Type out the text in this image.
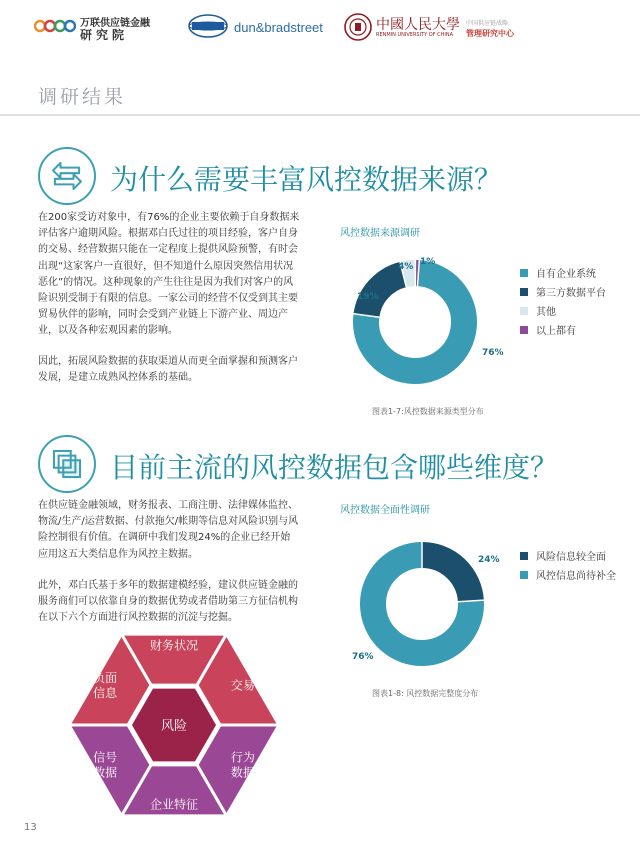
万联供应链金融
研究院	dun&bradstreet	中國人民大學
RENMIN UNIVERSITY OF CHINA
中国供应链战略
管理研究中心
调研结果
为什么需要丰富风控数据来源？
在200家受访对象中，有76%的企业主要依赖于自身数据来评估客户逾期风险。根据邓白氏过往的项目经验，客户自身的交易、经营数据只能在一定程度上提供风险预警，有时会出现“这家客户一直很好，但不知道什么原因突然信用状况恶化”的情况。这种现象的产生往往是因为我们对客户的风险识别受制于有限的信息。一家公司的经营不仅受到其主要贸易伙伴的影响，同时会受到产业链上下游产业、周边产业，以及各种宏观因素的影响。
因此，拓展风险数据的获取渠道从而更全面掌握和预测客户发展，是建立成熟风控体系的基础。
风控数据来源调研
76%
19%
4% 1%
自有企业系统
第三方数据平台
其他
以上都有
图表1-7:风控数据来源类型分布
目前主流的风控数据包含哪些维度？
在供应链金融领域，财务报表、工商注册、法律媒体监控、物流/生产/运营数据、付款拖欠/帐期等信息对风险识别与风险控制很有价值。在调研中我们发现24%的企业已经开始应用这五大类信息作为风控主数据。
此外，邓白氏基于多年的数据建模经验，建议供应链金融的服务商们可以依靠自身的数据优势或者借助第三方征信机构在以下六个方面进行风控数据的沉淀与挖掘。
风控数据全面性调研
24%
76%
风险信息较全面
风控信息尚待补全
图表1-8: 风控数据完整度分布
财务状况
交易
行为数据
企业特征
信号数据
负面信息
风险
13
